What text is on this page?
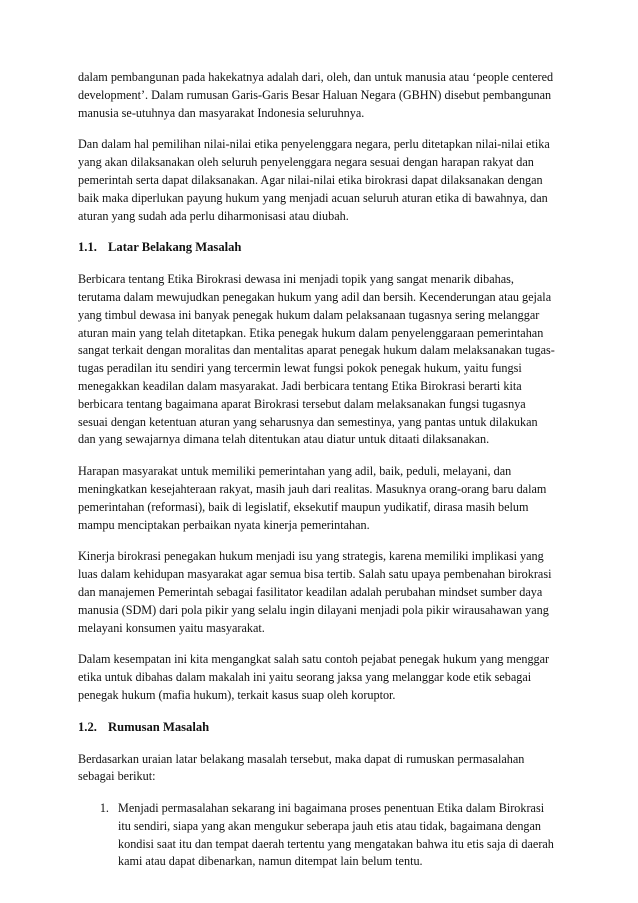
dalam pembangunan pada hakekatnya adalah dari, oleh, dan untuk manusia atau ‘people centered development’. Dalam rumusan Garis-Garis Besar Haluan Negara (GBHN) disebut pembangunan manusia se-utuhnya dan masyarakat Indonesia seluruhnya.

Dan dalam hal pemilihan nilai-nilai etika penyelenggara negara, perlu ditetapkan nilai-nilai etika yang akan dilaksanakan oleh seluruh penyelenggara negara sesuai dengan harapan rakyat dan pemerintah serta dapat dilaksanakan. Agar nilai-nilai etika birokrasi dapat dilaksanakan dengan baik maka diperlukan payung hukum yang menjadi acuan seluruh aturan etika di bawahnya, dan aturan yang sudah ada perlu diharmonisasi atau diubah.

1.1. Latar Belakang Masalah

Berbicara tentang Etika Birokrasi dewasa ini menjadi topik yang sangat menarik dibahas, terutama dalam mewujudkan penegakan hukum yang adil dan bersih. Kecenderungan atau gejala yang timbul dewasa ini banyak penegak hukum dalam pelaksanaan tugasnya sering melanggar aturan main yang telah ditetapkan. Etika penegak hukum dalam penyelenggaraan pemerintahan sangat terkait dengan moralitas dan mentalitas aparat penegak hukum dalam melaksanakan tugas-tugas peradilan itu sendiri yang tercermin lewat fungsi pokok penegak hukum, yaitu fungsi menegakkan keadilan dalam masyarakat. Jadi berbicara tentang Etika Birokrasi berarti kita berbicara tentang bagaimana aparat Birokrasi tersebut dalam melaksanakan fungsi tugasnya sesuai dengan ketentuan aturan yang seharusnya dan semestinya, yang pantas untuk dilakukan dan yang sewajarnya dimana telah ditentukan atau diatur untuk ditaati dilaksanakan.

Harapan masyarakat untuk memiliki pemerintahan yang adil, baik, peduli, melayani, dan meningkatkan kesejahteraan rakyat, masih jauh dari realitas. Masuknya orang-orang baru dalam pemerintahan (reformasi), baik di legislatif, eksekutif maupun yudikatif, dirasa masih belum mampu menciptakan perbaikan nyata kinerja pemerintahan.

Kinerja birokrasi penegakan hukum menjadi isu yang strategis, karena memiliki implikasi yang luas dalam kehidupan masyarakat agar semua bisa tertib. Salah satu upaya pembenahan birokrasi dan manajemen Pemerintah sebagai fasilitator keadilan adalah perubahan mindset sumber daya manusia (SDM) dari pola pikir yang selalu ingin dilayani menjadi pola pikir wirausahawan yang melayani konsumen yaitu masyarakat.

Dalam kesempatan ini kita mengangkat salah satu contoh pejabat penegak hukum yang menggar etika untuk dibahas dalam makalah ini yaitu seorang jaksa yang melanggar kode etik sebagai penegak hukum (mafia hukum), terkait kasus suap oleh koruptor.

1.2. Rumusan Masalah

Berdasarkan uraian latar belakang masalah tersebut, maka dapat di rumuskan permasalahan sebagai berikut:

1. Menjadi permasalahan sekarang ini bagaimana proses penentuan Etika dalam Birokrasi itu sendiri, siapa yang akan mengukur seberapa jauh etis atau tidak, bagaimana dengan kondisi saat itu dan tempat daerah tertentu yang mengatakan bahwa itu etis saja di daerah kami atau dapat dibenarkan, namun ditempat lain belum tentu.
